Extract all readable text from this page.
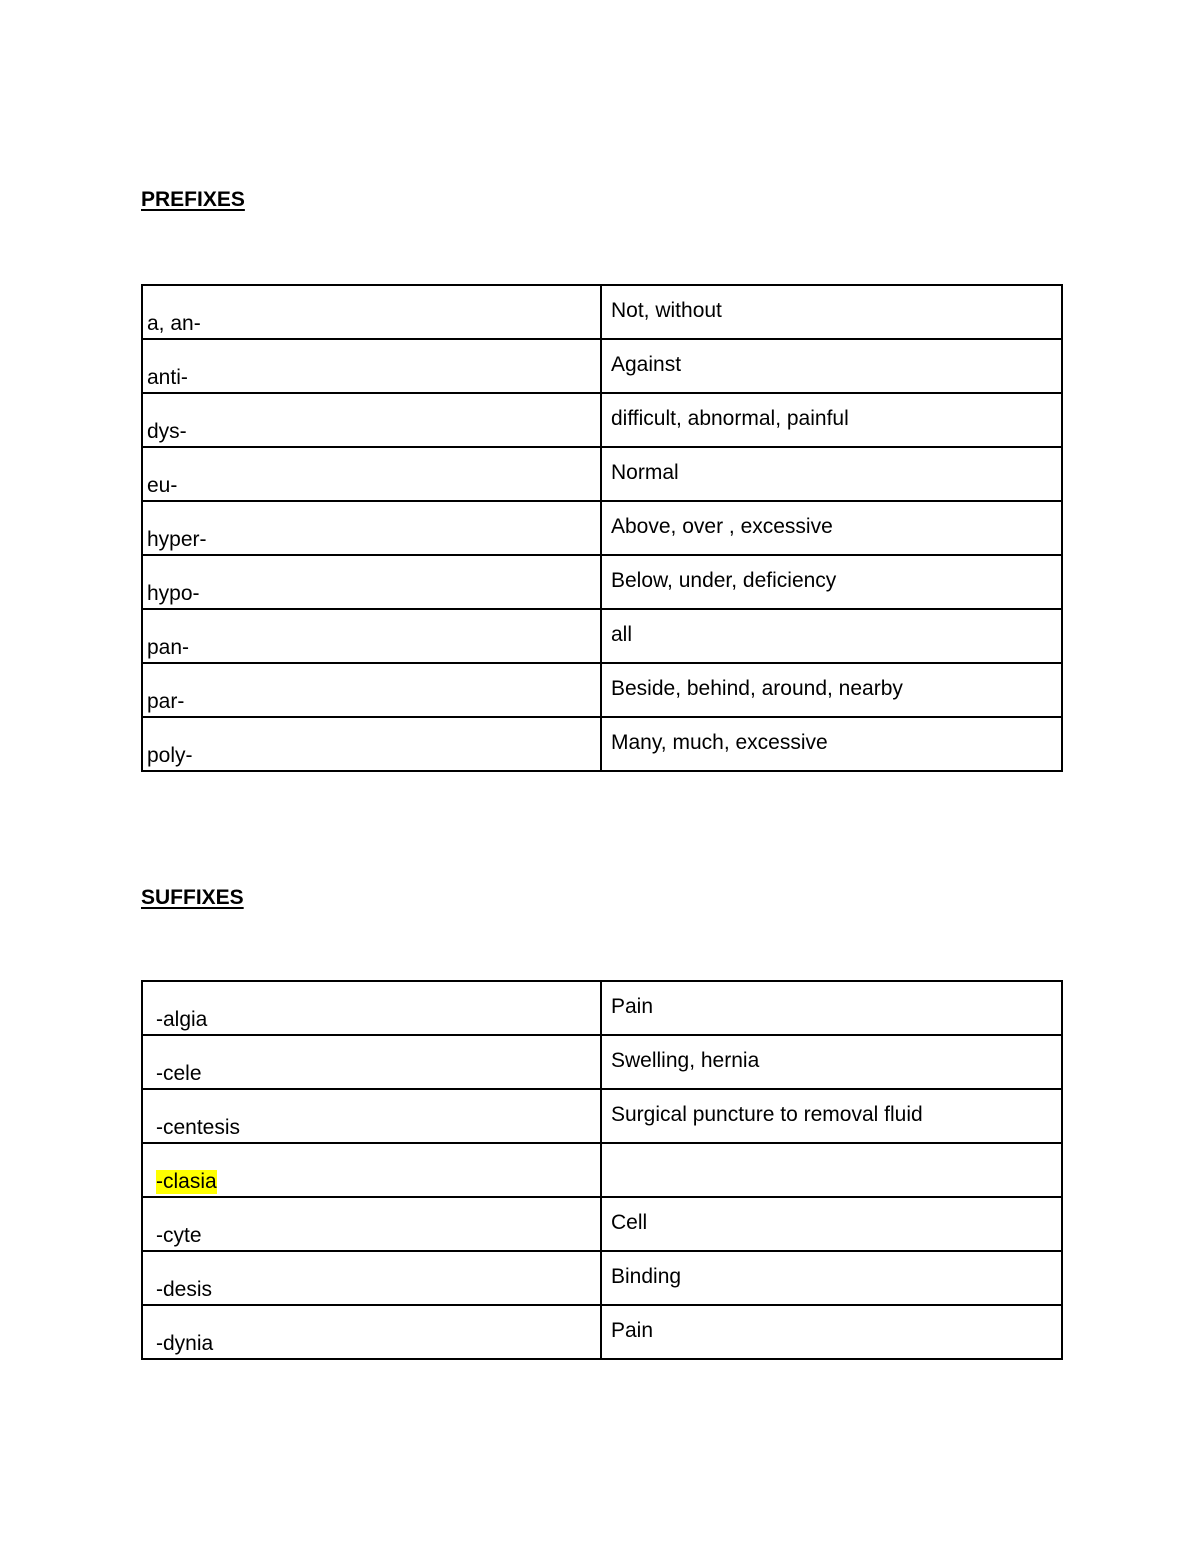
PREFIXES
a, an-	Not, without

anti-	Against

dys-	difficult, abnormal, painful

eu-	Normal

hyper-	Above, over , excessive

hypo-	Below, under, deficiency

pan-	all

par-	Beside, behind, around, nearby

poly-	Many, much, excessive
SUFFIXES
-algia	Pain

-cele	Swelling, hernia

-centesis	Surgical puncture to removal fluid

-clasia	

-cyte	Cell

-desis	Binding

-dynia	Pain
